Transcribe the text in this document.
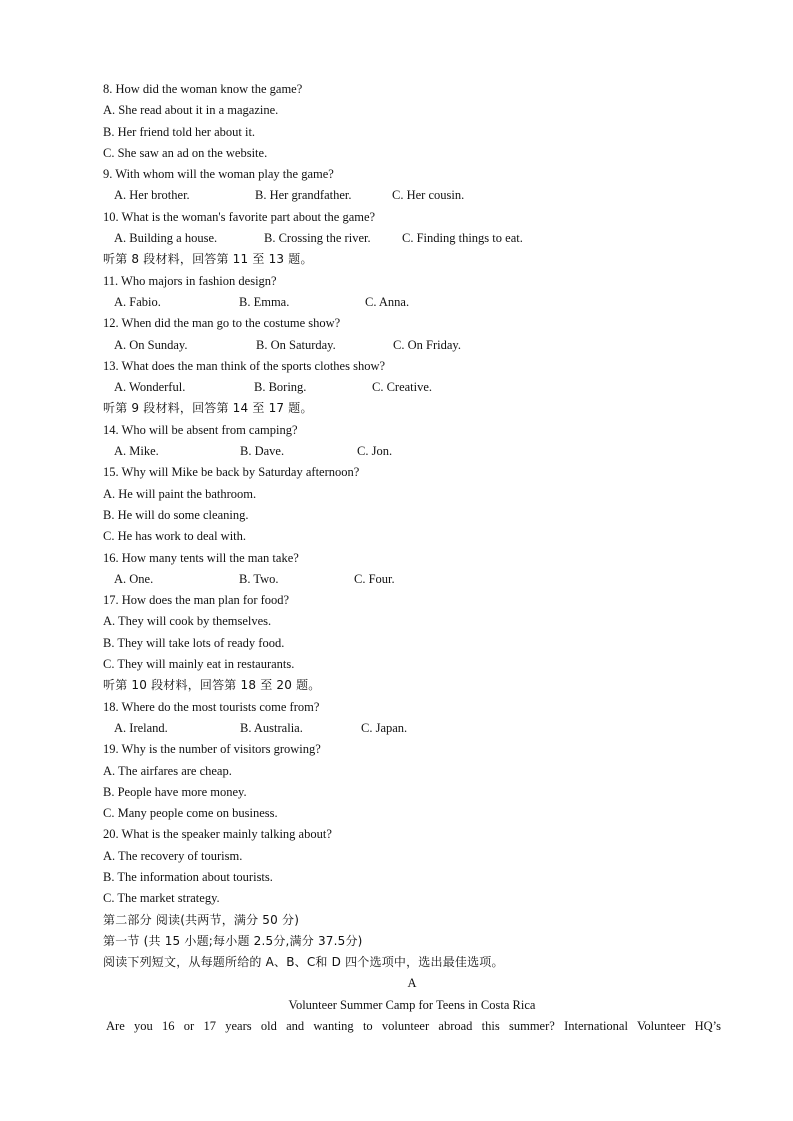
8. How did the woman know the game?
A. She read about it in a magazine.
B. Her friend told her about it.
C. She saw an ad on the website.
9. With whom will the woman play the game?
A. Her brother.	B. Her grandfather.	C. Her cousin.
10. What is the woman's favorite part about the game?
A. Building a house.	B. Crossing the river.	C. Finding things to eat.
听第 8 段材料，回答第 11 至 13 题。
11. Who majors in fashion design?
A. Fabio.	B. Emma.	C. Anna.
12. When did the man go to the costume show?
A. On Sunday.	B. On Saturday.	C. On Friday.
13. What does the man think of the sports clothes show?
A. Wonderful.	B. Boring.	C. Creative.
听第 9 段材料，回答第 14 至 17 题。
14. Who will be absent from camping?
A. Mike.	B. Dave.	C. Jon.
15. Why will Mike be back by Saturday afternoon?
A. He will paint the bathroom.
B. He will do some cleaning.
C. He has work to deal with.
16. How many tents will the man take?
A. One.	B. Two.	C. Four.
17. How does the man plan for food?
A. They will cook by themselves.
B. They will take lots of ready food.
C. They will mainly eat in restaurants.
听第 10 段材料，回答第 18 至 20 题。
18. Where do the most tourists come from?
A. Ireland.	B. Australia.	C. Japan.
19. Why is the number of visitors growing?
A. The airfares are cheap.
B. People have more money.
C. Many people come on business.
20. What is the speaker mainly talking about?
A. The recovery of tourism.
B. The information about tourists.
C. The market strategy.
第二部分 阅读(共两节，满分 50 分)
第一节 (共 15 小题;每小题 2.5分,满分 37.5分)
阅读下列短文，从每题所给的 A、B、C和 D 四个选项中，选出最佳选项。
A
Volunteer Summer Camp for Teens in Costa Rica
Are you 16 or 17 years old and wanting to volunteer abroad this summer? International Volunteer HQ’s
